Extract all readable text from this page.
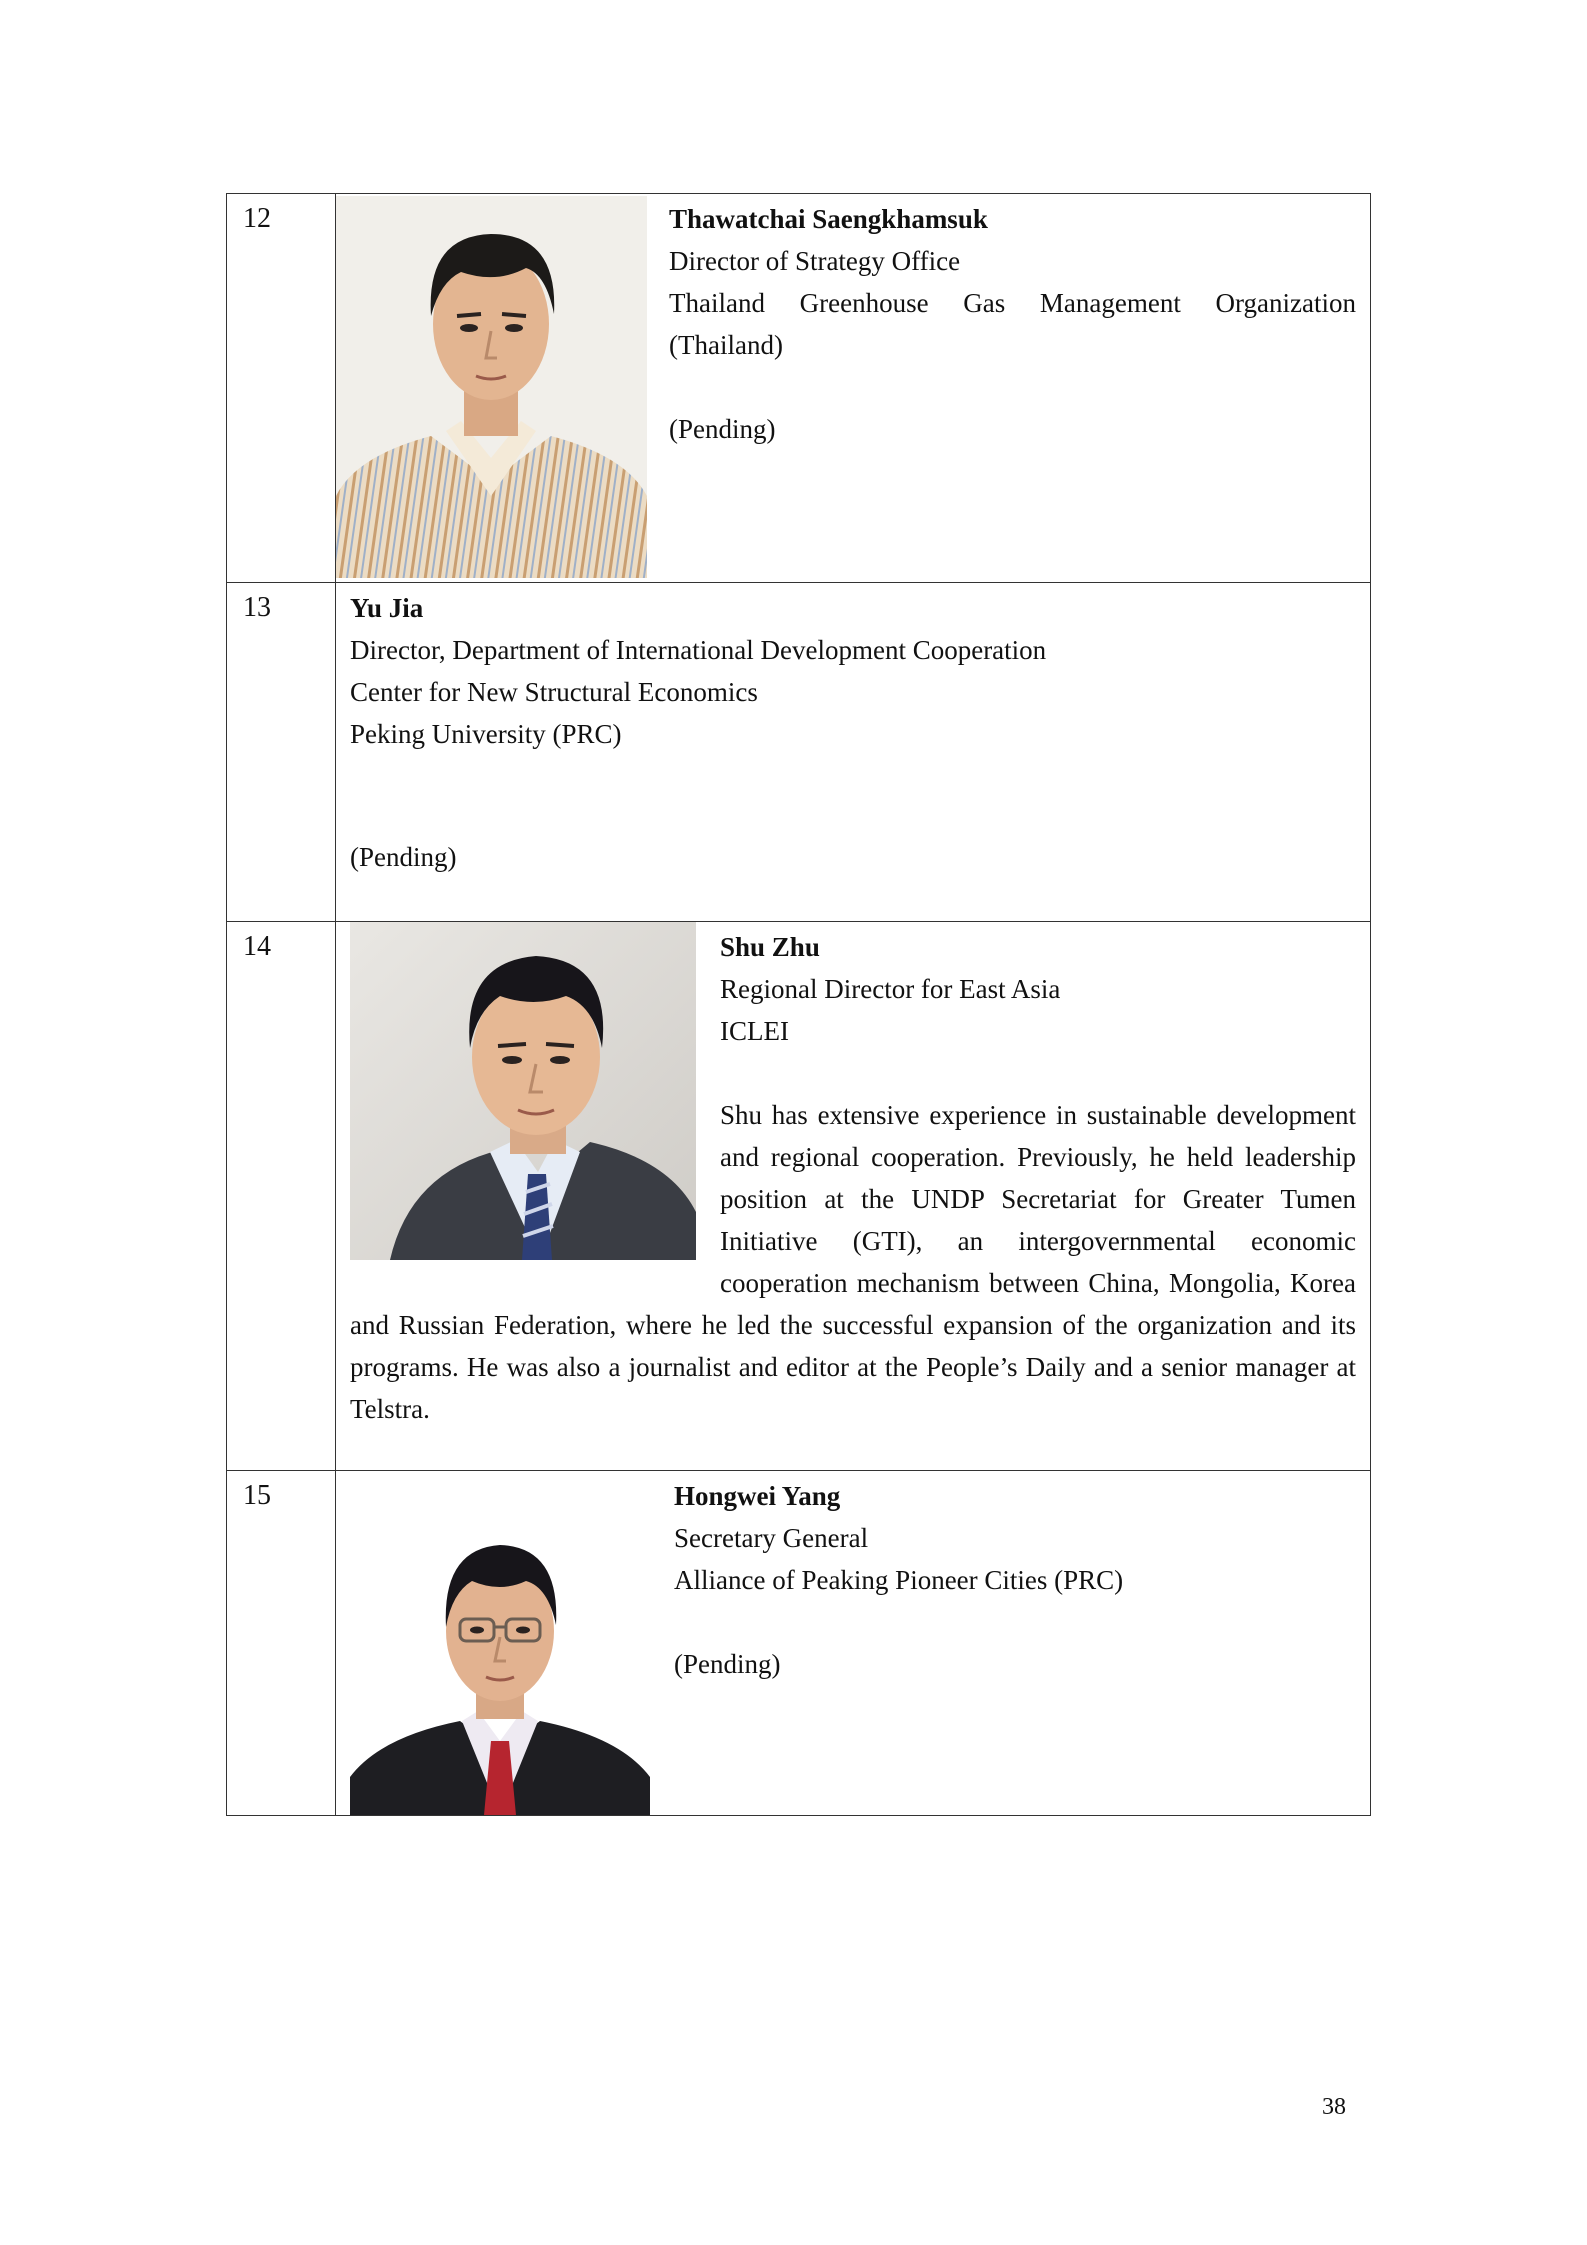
12	Thawatchai Saengkhamsuk
Director of Strategy Office
Thailand Greenhouse Gas Management Organization (Thailand)
(Pending)

13	Yu Jia
Director, Department of International Development Cooperation
Center for New Structural Economics
Peking University (PRC)
(Pending)

14	Shu Zhu
Regional Director for East Asia
ICLEI
Shu has extensive experience in sustainable development and regional cooperation. Previously, he held leadership position at the UNDP Secretariat for Greater Tumen Initiative (GTI), an intergovernmental economic cooperation mechanism between China, Mongolia, Korea and Russian Federation, where he led the successful expansion of the organization and its programs. He was also a journalist and editor at the People’s Daily and a senior manager at Telstra.

15	Hongwei Yang
Secretary General
Alliance of Peaking Pioneer Cities (PRC)
(Pending)
38
